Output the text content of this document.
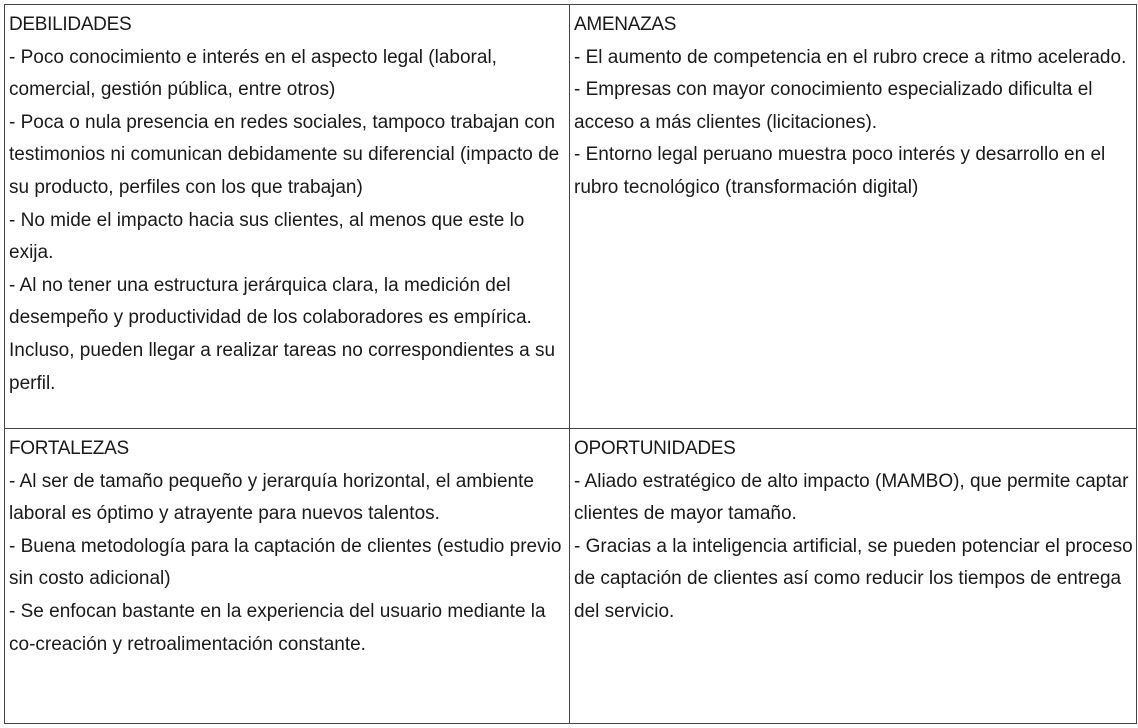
DEBILIDADES
- Poco conocimiento e interés en el aspecto legal (laboral, comercial, gestión pública, entre otros)
- Poca o nula presencia en redes sociales, tampoco trabajan con testimonios ni comunican debidamente su diferencial (impacto de su producto, perfiles con los que trabajan)
- No mide el impacto hacia sus clientes, al menos que este lo exija.
- Al no tener una estructura jerárquica clara, la medición del desempeño y productividad de los colaboradores es empírica. Incluso, pueden llegar a realizar tareas no correspondientes a su perfil.
AMENAZAS
- El aumento de competencia en el rubro crece a ritmo acelerado.
- Empresas con mayor conocimiento especializado dificulta el acceso a más clientes (licitaciones).
- Entorno legal peruano muestra poco interés y desarrollo en el rubro tecnológico (transformación digital)
FORTALEZAS
- Al ser de tamaño pequeño y jerarquía horizontal, el ambiente laboral es óptimo y atrayente para nuevos talentos.
- Buena metodología para la captación de clientes (estudio previo sin costo adicional)
- Se enfocan bastante en la experiencia del usuario mediante la co-creación y retroalimentación constante.
OPORTUNIDADES
- Aliado estratégico de alto impacto (MAMBO), que permite captar clientes de mayor tamaño.
- Gracias a la inteligencia artificial, se pueden potenciar el proceso de captación de clientes así como reducir los tiempos de entrega del servicio.
